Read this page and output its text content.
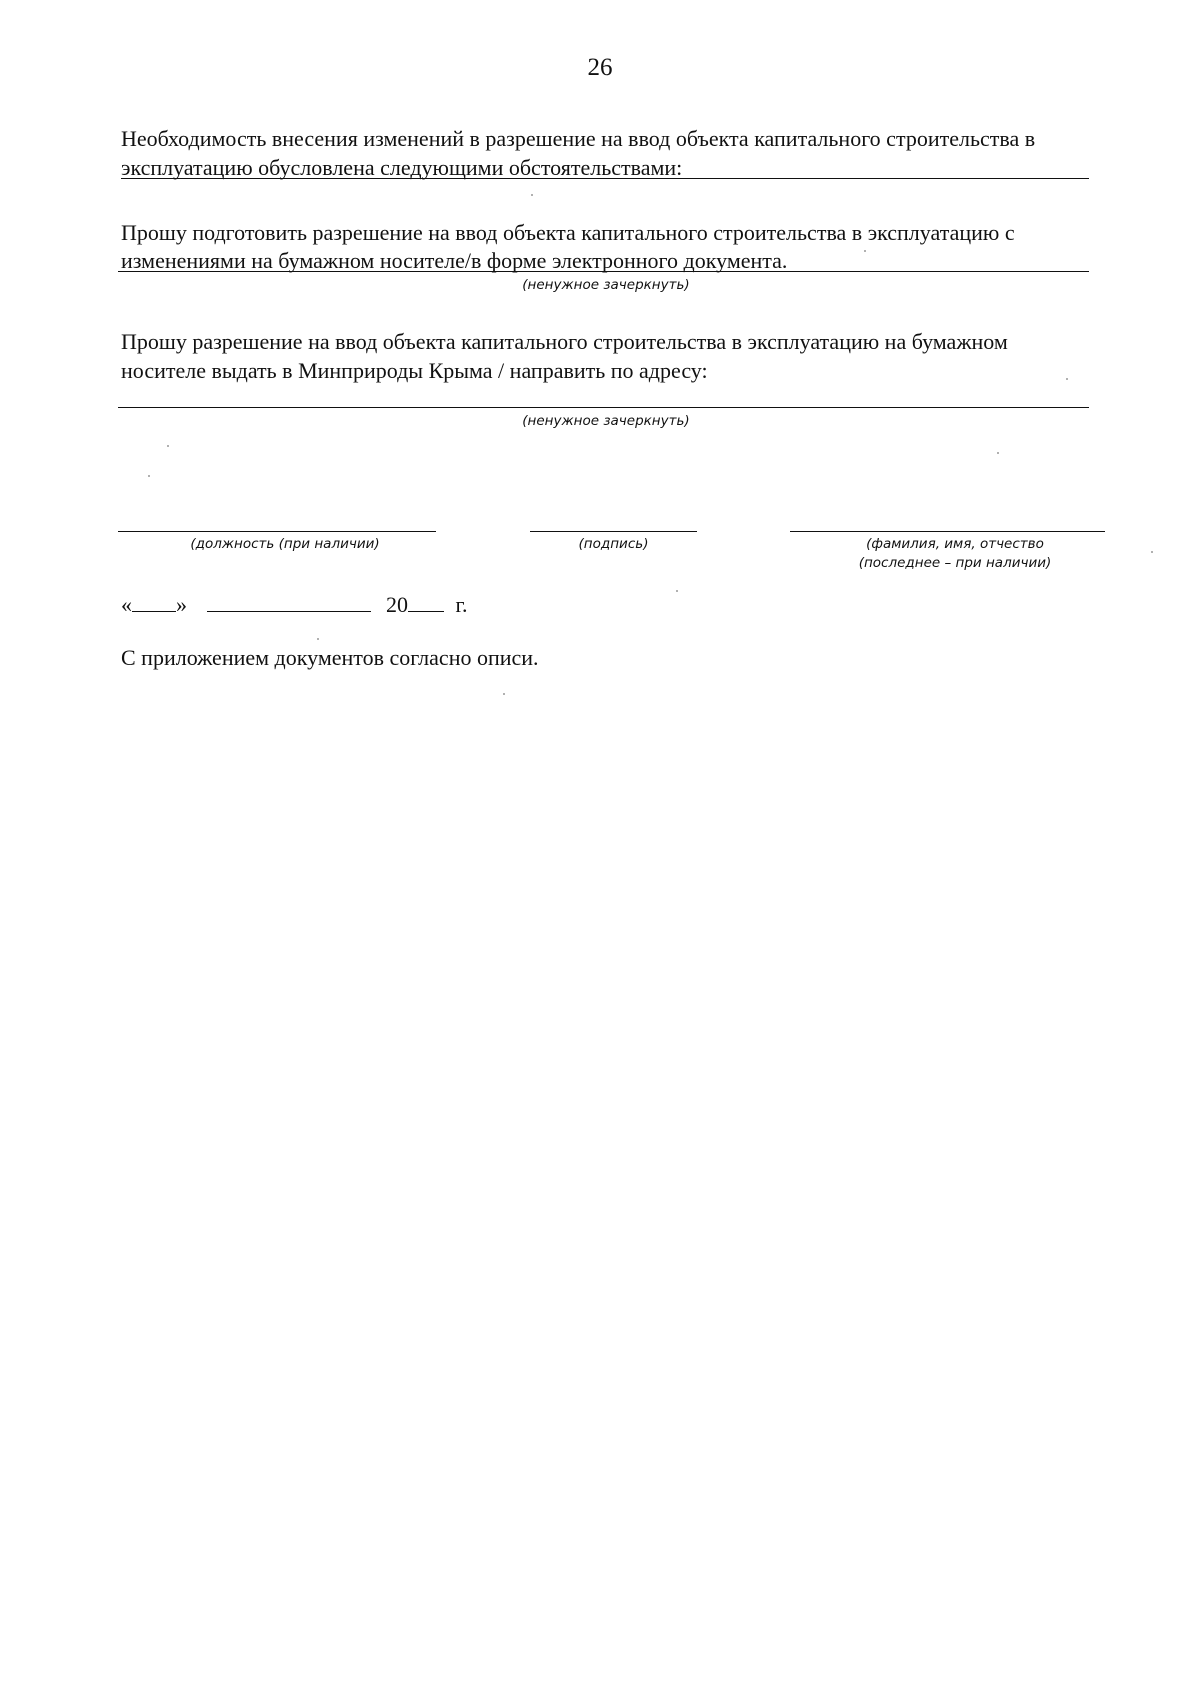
26
Необходимость внесения изменений в разрешение на ввод объекта капитального строительства в
эксплуатацию обусловлена следующими обстоятельствами:
Прошу подготовить разрешение на ввод объекта капитального строительства в эксплуатацию с
изменениями на бумажном носителе/в форме электронного документа.
(ненужное зачеркнуть)
Прошу разрешение на ввод объекта капитального строительства в эксплуатацию на бумажном
носителе выдать в Минприроды Крыма / направить по адресу:
(ненужное зачеркнуть)
(должность (при наличии)	(подпись)	(фамилия, имя, отчество
(последнее – при наличии)
« »	20 г.
С приложением документов согласно описи.
